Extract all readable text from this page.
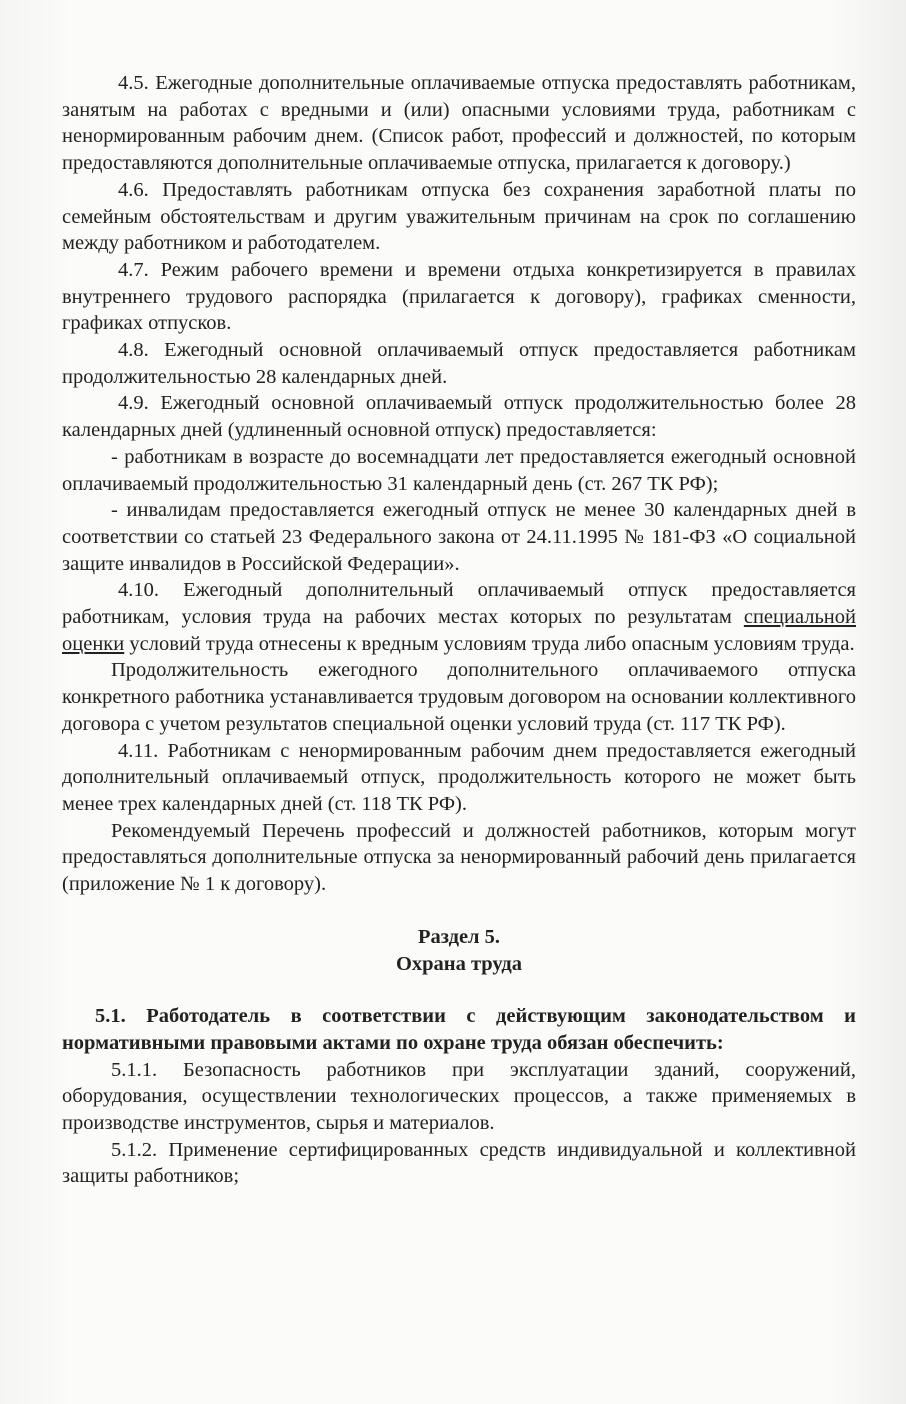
4.5. Ежегодные дополнительные оплачиваемые отпуска предоставлять работникам, занятым на работах с вредными и (или) опасными условиями труда, работникам с ненормированным рабочим днем. (Список работ, профессий и должностей, по которым предоставляются дополнительные оплачиваемые отпуска, прилагается к договору.)

4.6. Предоставлять работникам отпуска без сохранения заработной платы по семейным обстоятельствам и другим уважительным причинам на срок по соглашению между работником и работодателем.

4.7. Режим рабочего времени и времени отдыха конкретизируется в правилах внутреннего трудового распорядка (прилагается к договору), графиках сменности, графиках отпусков.

4.8. Ежегодный основной оплачиваемый отпуск предоставляется работникам продолжительностью 28 календарных дней.

4.9. Ежегодный основной оплачиваемый отпуск продолжительностью более 28 календарных дней (удлиненный основной отпуск) предоставляется:

- работникам в возрасте до восемнадцати лет предоставляется ежегодный основной оплачиваемый продолжительностью 31 календарный день (ст. 267 ТК РФ);

- инвалидам предоставляется ежегодный отпуск не менее 30 календарных дней в соответствии со статьей 23 Федерального закона от 24.11.1995 № 181-ФЗ «О социальной защите инвалидов в Российской Федерации».

4.10. Ежегодный дополнительный оплачиваемый отпуск предоставляется работникам, условия труда на рабочих местах которых по результатам специальной оценки условий труда отнесены к вредным условиям труда либо опасным условиям труда.

Продолжительность ежегодного дополнительного оплачиваемого отпуска конкретного работника устанавливается трудовым договором на основании коллективного договора с учетом результатов специальной оценки условий труда (ст. 117 ТК РФ).

4.11. Работникам с ненормированным рабочим днем предоставляется ежегодный дополнительный оплачиваемый отпуск, продолжительность которого не может быть менее трех календарных дней (ст. 118 ТК РФ).

Рекомендуемый Перечень профессий и должностей работников, которым могут предоставляться дополнительные отпуска за ненормированный рабочий день прилагается (приложение № 1 к договору).

Раздел 5.

Охрана труда

5.1. Работодатель в соответствии с действующим законодательством и нормативными правовыми актами по охране труда обязан обеспечить:

5.1.1. Безопасность работников при эксплуатации зданий, сооружений, оборудования, осуществлении технологических процессов, а также применяемых в производстве инструментов, сырья и материалов.

5.1.2. Применение сертифицированных средств индивидуальной и коллективной защиты работников;
